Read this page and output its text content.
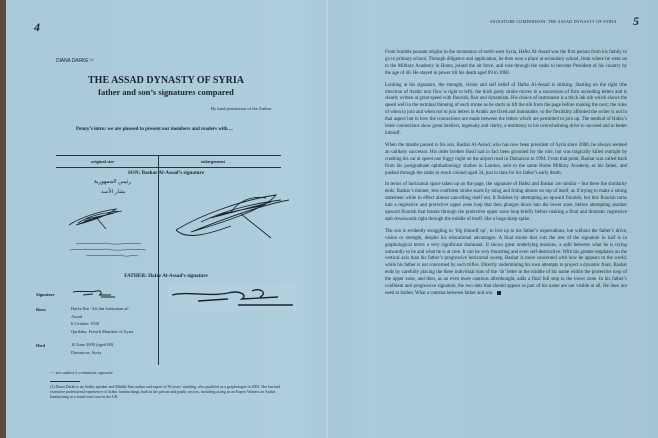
4
DIANA DARKE ⁽¹⁾
THE ASSAD DYNASTY OF SYRIA
father and son’s signatures compared
By kind permission of the Author
Penny’s intro: we are pleased to present our members and readers with ...
original size	enlargement
SON: Bashar Al-Assad’s signature
رئيس الجمهورية
بشار الأسد
FATHER: Hafez Al-Assad’s signature
Signature
Born	Hafez Ibn ‘Ali ibn Sulayman al-
Assad
6 October 1930
Qardaha, French Mandate of Syria
Died	10 June 2000 (aged 69)
Damascus, Syria
-> see author’s comments opposite
(1) Diana Darke is an Arabic speaker and Middle East author and expert of 30 years’ standing, who qualified as a graphologist in 2002. She has had extensive professional experience of Arabic handwritings, both in the private and public sectors, including acting as an Expert Witness on Arabic handwriting in a fraud court case in the UK.
SIGNATURE COMPARISON: THE ASSAD DYNASTY OF SYRIA 5

From humble peasant origins in the mountains of north-west Syria, Hafez Al-Assad was the first person from his family to go to primary school. Through diligence and application, he then won a place at secondary school, from where he went on to the Military Academy in Homs, joined the air force, and rose through the ranks to become President of his country by the age of 40. He stayed in power till his death aged 69 in 2000.

Looking at his signature, the strength, vision and self belief of Hafez Al-Assad is striking. Starting on the right (the direction of Arabic text flow is right to left), the thick pasty stroke moves in a succession of firm ascending letters and is clearly written at great speed with flourish, flair and dynamism. His choice of instrument is a thick ink nib which shows the speed well in the terminal thinning of each stroke as he starts to lift the nib from the page before making the next; the rules of when to join and when not to join letters in Arabic are fixed and immutable, so the flexibility afforded the writer is not in that aspect but in how the connections are made between the letters which are permitted to join up. The method of Hafez’s letter connections show great intellect, ingenuity and clarity, a testimony to his overwhelming drive to succeed and to better himself.

When the mantle passed to his son, Bashar Al-Assad, who has now been president of Syria since 2000, he always seemed an unlikely successor. His older brother Basil had in fact been groomed for the role, but was tragically killed outright by crashing his car at speed one foggy night on the airport road in Damascus in 1994. From that point, Bashar was called back from his postgraduate ophthalmology studies in London, sent to the same Homs Military Academy as his father, and pushed through the ranks to reach colonel aged 34, just in time for his father’s early death.

In terms of horizontal space taken up on the page, the signature of Hafez and Bashar are similar – but there the similarity ends. Bashar’s thinner, less confident stroke starts by toing and froing almost on top of itself, as if trying to make a strong statement while in effect almost cancelling itself out. It finishes by attempting an upward flourish, but this flourish turns into a regressive and protective upper zone loop that then plunges down into the lower zone, before attempting another upward flourish that breaks through the protective upper zone loop briefly before making a final and dramatic regressive stab downwards right through the middle of itself, like a huge sharp spike.

The son is evidently struggling to ‘big himself up’, to live up to his father’s expectations, but without the father’s drive, vision or strength, despite his educational advantages. A final stroke that cuts the rest of the signature in half is in graphological terms a very significant dominant. It shows great underlying tensions, a split between what he is trying outwardly to be and what he is at core. It can be very thwarting and even self-destructive. With his greater emphasis on the vertical axis than his father’s progressive horizontal sweep, Bashar is more concerned with how he appears to the world, while his father is not concerned by such trifles. Directly undermining his own attempts to project a dynamic front, Bashar ends by carefully placing the three individual dots of the ‘sh’ letter in the middle of his name within the protective loop of the upper zone, and then, as an even more cautious afterthought, adds a final full stop in the lower zone. In his father’s confident and progressive signature, the two dots that should appear as part of his name are not visible at all. He does not need to bother. What a contrast between father and son.
